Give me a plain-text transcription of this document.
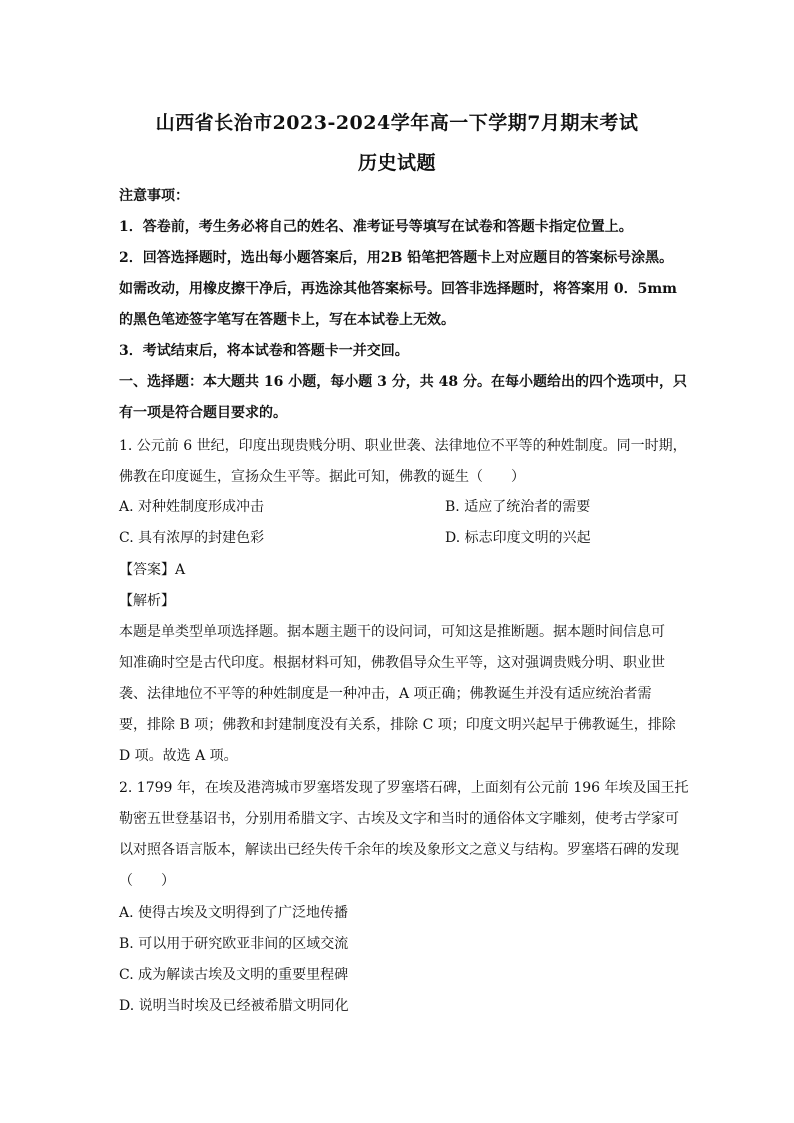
山西省长治市2023-2024学年高一下学期7月期末考试
历史试题
注意事项：
1．答卷前，考生务必将自己的姓名、准考证号等填写在试卷和答题卡指定位置上。
2．回答选择题时，选出每小题答案后，用2B 铅笔把答题卡上对应题目的答案标号涂黑。
如需改动，用橡皮擦干净后，再选涂其他答案标号。回答非选择题时，将答案用 0．5mm
的黑色笔迹签字笔写在答题卡上，写在本试卷上无效。
3．考试结束后，将本试卷和答题卡一并交回。
一、选择题：本大题共 16 小题，每小题 3 分，共 48 分。在每小题给出的四个选项中，只
有一项是符合题目要求的。
1. 公元前 6 世纪，印度出现贵贱分明、职业世袭、法律地位不平等的种姓制度。同一时期，
佛教在印度诞生，宣扬众生平等。据此可知，佛教的诞生（　　）
A. 对种姓制度形成冲击	B. 适应了统治者的需要
C. 具有浓厚的封建色彩	D. 标志印度文明的兴起
【答案】A
【解析】
本题是单类型单项选择题。据本题主题干的设问词，可知这是推断题。据本题时间信息可
知准确时空是古代印度。根据材料可知，佛教倡导众生平等，这对强调贵贱分明、职业世
袭、法律地位不平等的种姓制度是一种冲击，A 项正确；佛教诞生并没有适应统治者需
要，排除 B 项；佛教和封建制度没有关系，排除 C 项；印度文明兴起早于佛教诞生，排除
D 项。故选 A 项。
2. 1799 年，在埃及港湾城市罗塞塔发现了罗塞塔石碑，上面刻有公元前 196 年埃及国王托
勒密五世登基诏书，分别用希腊文字、古埃及文字和当时的通俗体文字雕刻，使考古学家可
以对照各语言版本，解读出已经失传千余年的埃及象形文之意义与结构。罗塞塔石碑的发现
（　　）
A. 使得古埃及文明得到了广泛地传播
B. 可以用于研究欧亚非间的区域交流
C. 成为解读古埃及文明的重要里程碑
D. 说明当时埃及已经被希腊文明同化
